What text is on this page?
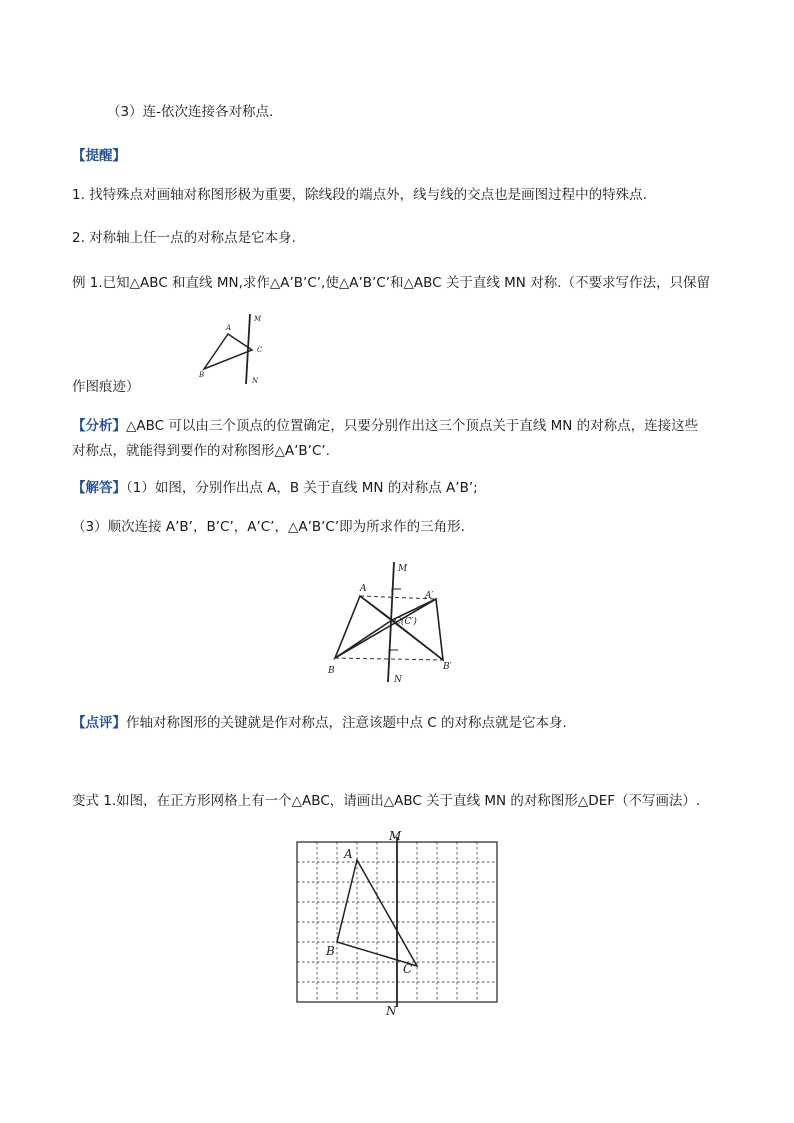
（3）连-依次连接各对称点.
【提醒】
1. 找特殊点对画轴对称图形极为重要，除线段的端点外，线与线的交点也是画图过程中的特殊点.
2. 对称轴上任一点的对称点是它本身.
例 1.已知△ABC 和直线 MN,求作△A’B’C’,使△A’B’C’和△ABC 关于直线 MN 对称.（不要求写作法，只保留
M
A
C
B
N
作图痕迹）
【分析】△ABC 可以由三个顶点的位置确定，只要分别作出这三个顶点关于直线 MN 的对称点，连接这些
对称点，就能得到要作的对称图形△A’B’C’.
【解答】（1）如图，分别作出点 A，B 关于直线 MN 的对称点 A’B’;
（3）顺次连接 A’B’，B’C’，A’C’，△A’B’C’即为所求作的三角形.
M
A
A′
C(C′)
B	B′
N
【点评】作轴对称图形的关键就是作对称点，注意该题中点 C 的对称点就是它本身.
变式 1.如图，在正方形网格上有一个△ABC，请画出△ABC 关于直线 MN 的对称图形△DEF（不写画法）.
M
A
B
C
N
